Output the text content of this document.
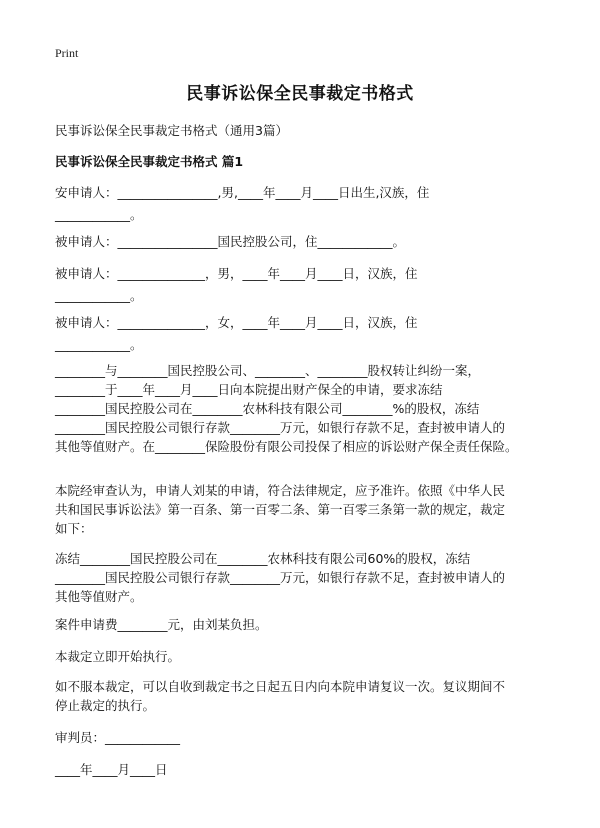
Print
民事诉讼保全民事裁定书格式
民事诉讼保全民事裁定书格式（通用3篇）
民事诉讼保全民事裁定书格式 篇1
安申请人：________________,男,____年____月____日出生,汉族，住
____________。
被申请人：________________国民控股公司，住____________。
被申请人：______________，男，____年____月____日，汉族，住
____________。
被申请人：______________，女，____年____月____日，汉族，住
____________。
________与________国民控股公司、________、________股权转让纠纷一案，
________于____年____月____日向本院提出财产保全的申请，要求冻结
________国民控股公司在________农林科技有限公司________%的股权，冻结
________国民控股公司银行存款________万元，如银行存款不足，查封被申请人的
其他等值财产。在________保险股份有限公司投保了相应的诉讼财产保全责任保险。
本院经审查认为，申请人刘某的申请，符合法律规定，应予准许。依照《中华人民
共和国民事诉讼法》第一百条、第一百零二条、第一百零三条第一款的规定，裁定
如下：
冻结________国民控股公司在________农林科技有限公司60%的股权，冻结
________国民控股公司银行存款________万元，如银行存款不足，查封被申请人的
其他等值财产。
案件申请费________元，由刘某负担。
本裁定立即开始执行。
如不服本裁定，可以自收到裁定书之日起五日内向本院申请复议一次。复议期间不
停止裁定的执行。
审判员：____________
____年____月____日
